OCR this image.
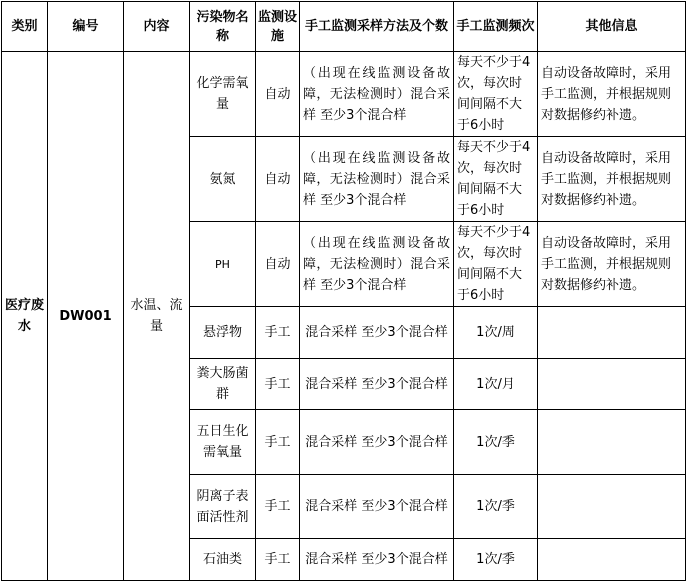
类别	编号	内容	污染物名称	监测设施	手工监测采样方法及个数	手工监测频次	其他信息
医疗废水	DW001	水温、流量	化学需氧量	自动	（出现在线监测设备故障，无法检测时）混合采样 至少3个混合样	每天不少于4次，每次时间间隔不大于6小时	自动设备故障时，采用手工监测，并根据规则对数据修约补遗。
			氨氮	自动	（出现在线监测设备故障，无法检测时）混合采样 至少3个混合样	每天不少于4次，每次时间间隔不大于6小时	自动设备故障时，采用手工监测，并根据规则对数据修约补遗。
			PH	自动	（出现在线监测设备故障，无法检测时）混合采样 至少3个混合样	每天不少于4次，每次时间间隔不大于6小时	自动设备故障时，采用手工监测，并根据规则对数据修约补遗。
			悬浮物	手工	混合采样 至少3个混合样	1次/周	
			粪大肠菌群	手工	混合采样 至少3个混合样	1次/月	
			五日生化需氧量	手工	混合采样 至少3个混合样	1次/季	
			阴离子表面活性剂	手工	混合采样 至少3个混合样	1次/季	
			石油类	手工	混合采样 至少3个混合样	1次/季	
